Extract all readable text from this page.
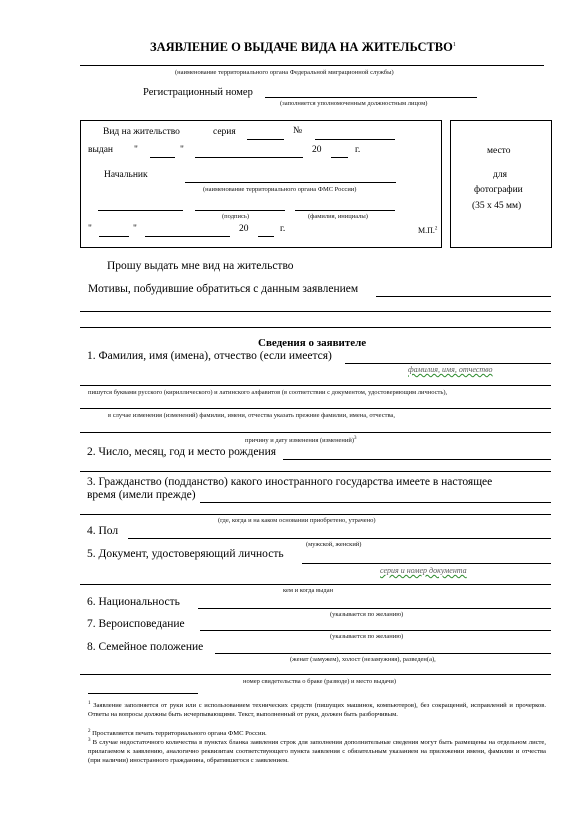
ЗАЯВЛЕНИЕ О ВЫДАЧЕ ВИДА НА ЖИТЕЛЬСТВО$^1$
(наименование территориального органа Федеральной миграционной службы)
Регистрационный номер
(заполняется уполномоченным должностным лицом)
Вид на жительство	серия	№
выдан "	"	20	г.
Начальник
(наименование территориального органа ФМС России)
(подпись)	(фамилия, инициалы)
"	"	20	г.	М.П.$^2$
место
для
фотографии
(35 х 45 мм)
Прошу выдать мне вид на жительство
Мотивы, побудившие обратиться с данным заявлением
Сведения о заявителе
1. Фамилия, имя (имена), отчество (если имеется)
фамилия, имя, отчество
пишутся буквами русского (кириллического) и латинского алфавитов (в соответствии с документом, удостоверяющим личность),
в случае изменения (изменений) фамилии, имени, отчества указать прежние фамилии, имена, отчества,
причину и дату изменения (изменений)$^3$
2. Число, месяц, год и место рождения
3. Гражданство (подданство) какого иностранного государства имеете в настоящее
время (имели прежде)
(где, когда и на каком основании приобретено, утрачено)
4. Пол
(мужской, женский)
5. Документ, удостоверяющий личность
серия и номер документа
кем и когда выдан
6. Национальность
(указывается по желанию)
7. Вероисповедание
(указывается по желанию)
8. Семейное положение
(женат (замужем), холост (незамужняя), разведен(а),
номер свидетельства о браке (разводе) и место выдачи)
$^1$ Заявление заполняется от руки или с использованием технических средств (пишущих машинок, компьютеров), без сокращений, исправлений и прочерков. Ответы на вопросы должны быть исчерпывающими. Текст, выполненный от руки, должен быть разборчивым.
$^2$ Проставляется печать территориального органа ФМС России.
$^3$ В случае недостаточного количества в пунктах бланка заявления строк для заполнения дополнительные сведения могут быть размещены на отдельном листе, прилагаемом к заявлению, аналогично реквизитам соответствующего пункта заявления с обязательным указанием на приложении имени, фамилии и отчества (при наличии) иностранного гражданина, обратившегося с заявлением.
